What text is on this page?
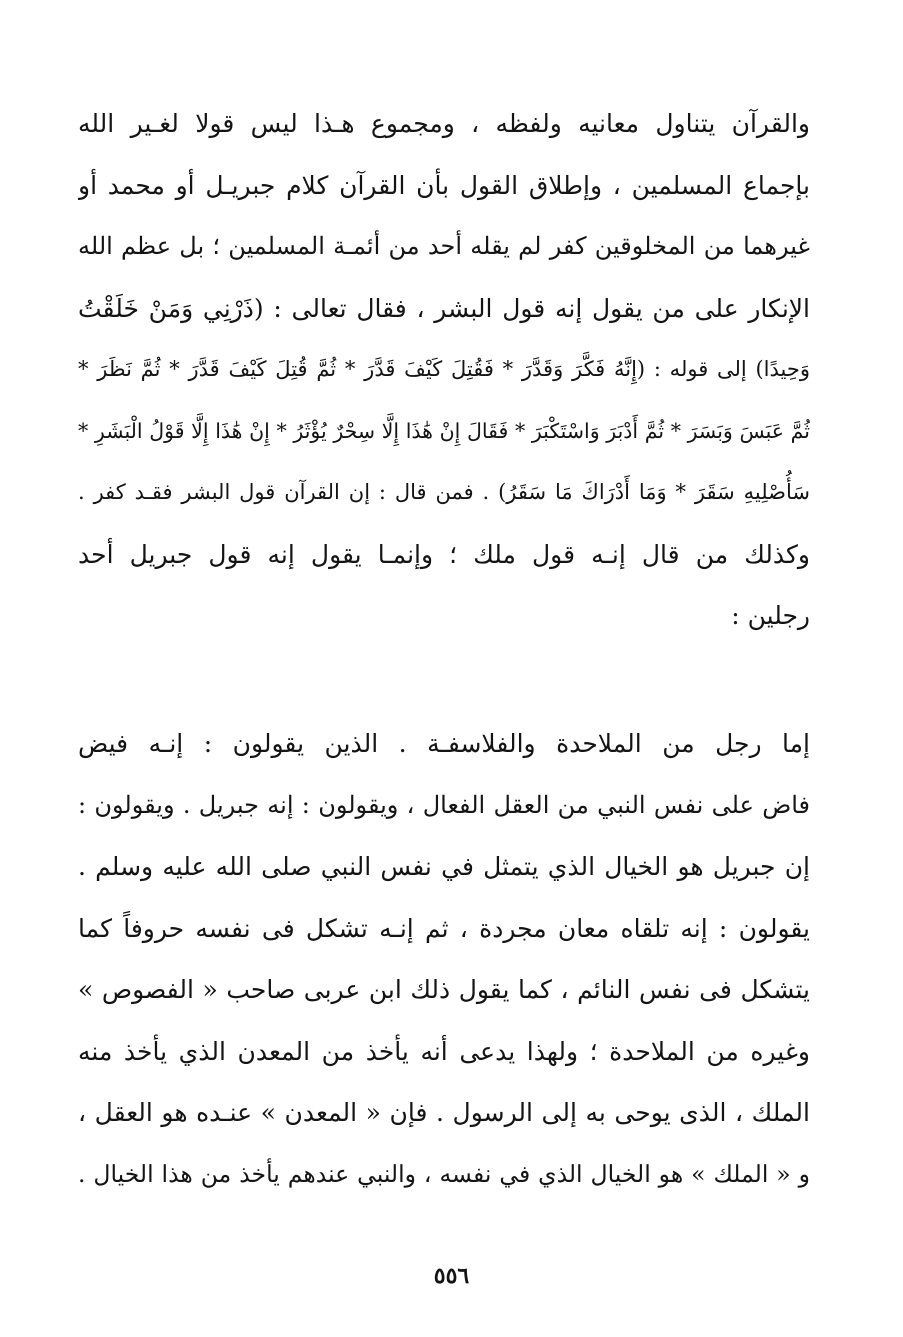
والقرآن يتناول معانيه ولفظه ، ومجموع هـذا ليس قولا لغـير الله
بإجماع المسلمين ، وإطلاق القول بأن القرآن كلام جبريـل أو محمد أو
غيرهما من المخلوقين كفر لم يقله أحد من أئمـة المسلمين ؛ بل عظم الله
الإنكار على من يقول إنه قول البشر ، فقال تعالى : (ذَرْنِي وَمَنْ خَلَقْتُ
وَحِيدًا) إلى قوله : (إِنَّهُ فَكَّرَ وَقَدَّرَ * فَقُتِلَ كَيْفَ قَدَّرَ * ثُمَّ قُتِلَ كَيْفَ قَدَّرَ * ثُمَّ نَظَرَ *
ثُمَّ عَبَسَ وَبَسَرَ * ثُمَّ أَدْبَرَ وَاسْتَكْبَرَ * فَقَالَ إِنْ هَٰذَا إِلَّا سِحْرٌ يُؤْثَرُ * إِنْ هَٰذَا إِلَّا قَوْلُ الْبَشَرِ *
سَأُصْلِيهِ سَقَرَ * وَمَا أَدْرَاكَ مَا سَقَرُ) . فمن قال : إن القرآن قول البشر فقـد كفر .
وكذلك من قال إنـه قول ملك ؛ وإنمـا يقول إنه قول جبريل أحد
رجلين :
إما رجل من الملاحدة والفلاسفـة . الذين يقولون : إنـه فيض
فاض على نفس النبي من العقل الفعال ، ويقولون : إنه جبريل . ويقولون :
إن جبريل هو الخيال الذي يتمثل في نفس النبي صلى الله عليه وسلم .
يقولون : إنه تلقاه معان مجردة ، ثم إنـه تشكل فى نفسه حروفاً كما
يتشكل فى نفس النائم ، كما يقول ذلك ابن عربى صاحب « الفصوص »
وغيره من الملاحدة ؛ ولهذا يدعى أنه يأخذ من المعدن الذي يأخذ منه
الملك ، الذى يوحى به إلى الرسول . فإن « المعدن » عنـده هو العقل ،
و « الملك » هو الخيال الذي في نفسه ، والنبي عندهم يأخذ من هذا الخيال .
٥٥٦
